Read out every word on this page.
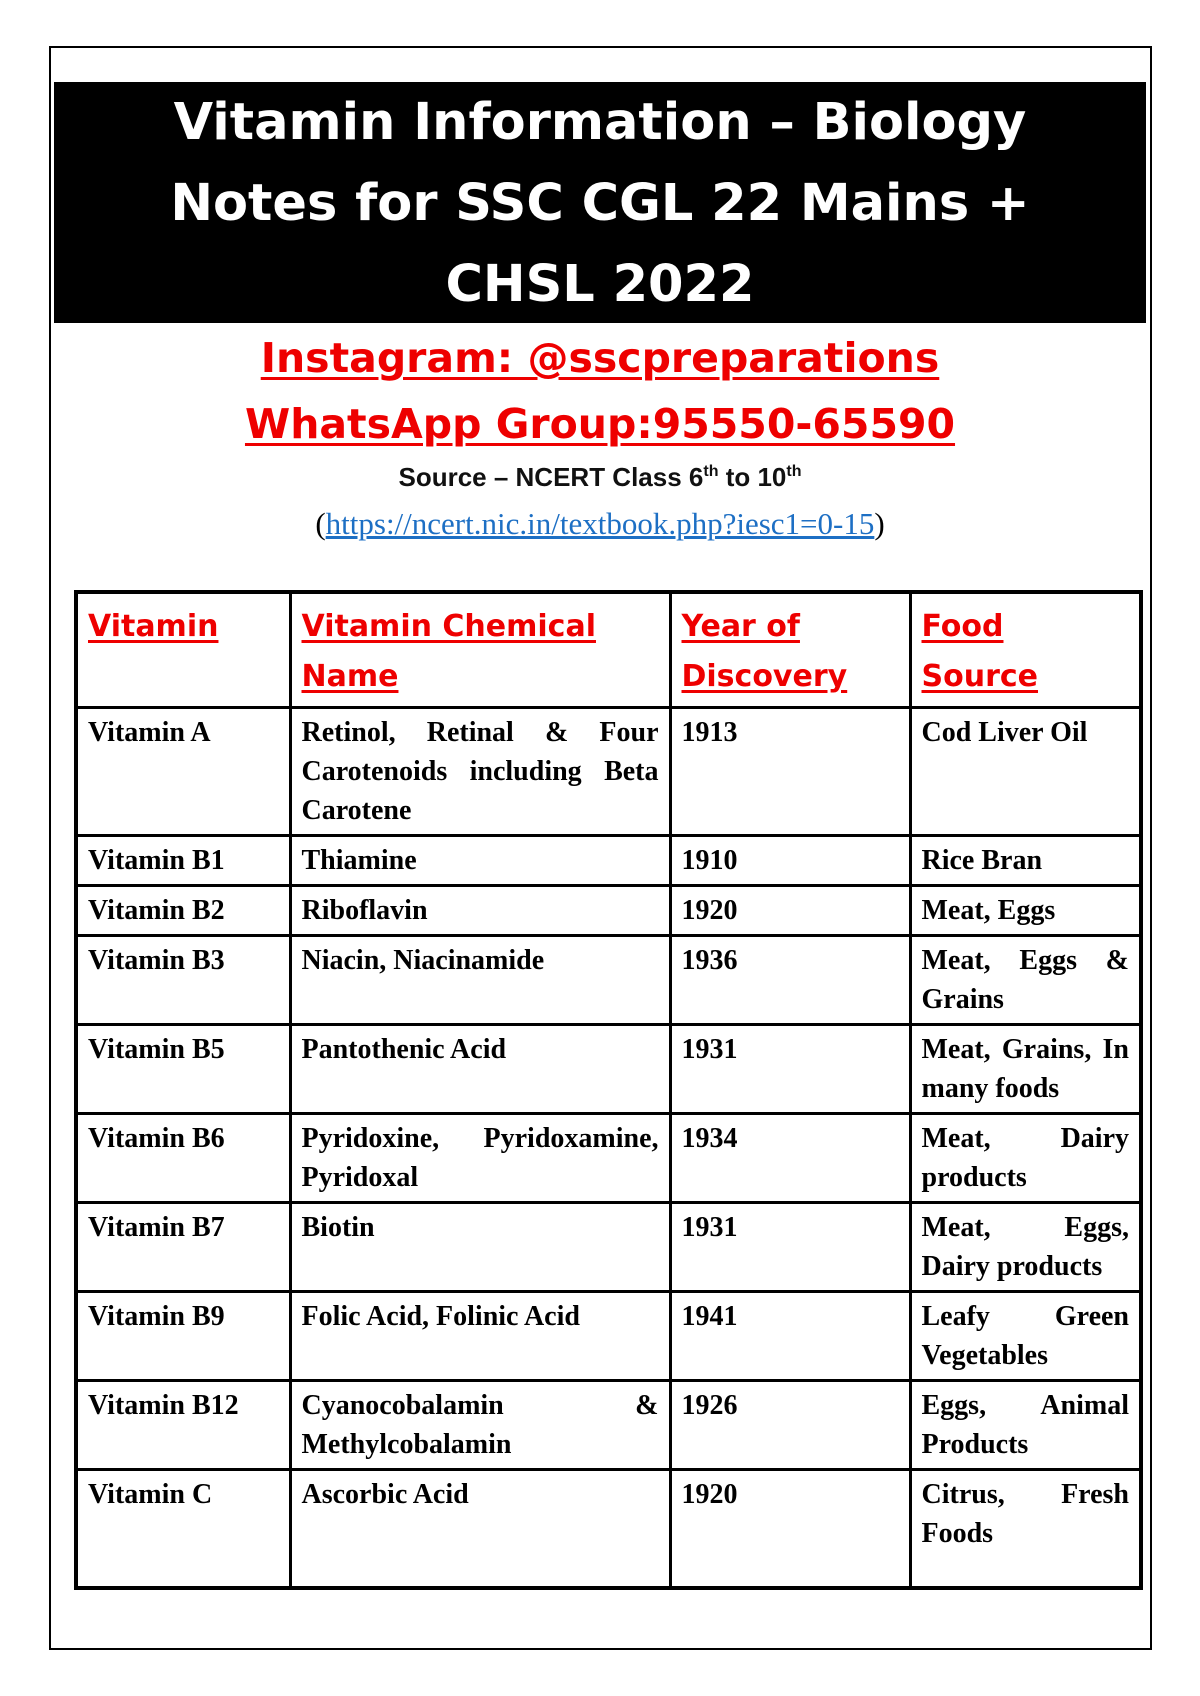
Vitamin Information – Biology
Notes for SSC CGL 22 Mains +
CHSL 2022
Instagram: @sscpreparations
WhatsApp Group:95550-65590
Source – NCERT Class 6th to 10th
(https://ncert.nic.in/textbook.php?iesc1=0-15)
Vitamin	Vitamin Chemical Name	Year of Discovery	Food Source
Vitamin A	Retinol, Retinal & Four Carotenoids including Beta Carotene	1913	Cod Liver Oil
Vitamin B1	Thiamine	1910	Rice Bran
Vitamin B2	Riboflavin	1920	Meat, Eggs
Vitamin B3	Niacin, Niacinamide	1936	Meat, Eggs & Grains
Vitamin B5	Pantothenic Acid	1931	Meat, Grains, In many foods
Vitamin B6	Pyridoxine, Pyridoxamine, Pyridoxal	1934	Meat, Dairy products
Vitamin B7	Biotin	1931	Meat, Eggs, Dairy products
Vitamin B9	Folic Acid, Folinic Acid	1941	Leafy Green Vegetables
Vitamin B12	Cyanocobalamin & Methylcobalamin	1926	Eggs, Animal Products
Vitamin C	Ascorbic Acid	1920	Citrus, Fresh Foods
